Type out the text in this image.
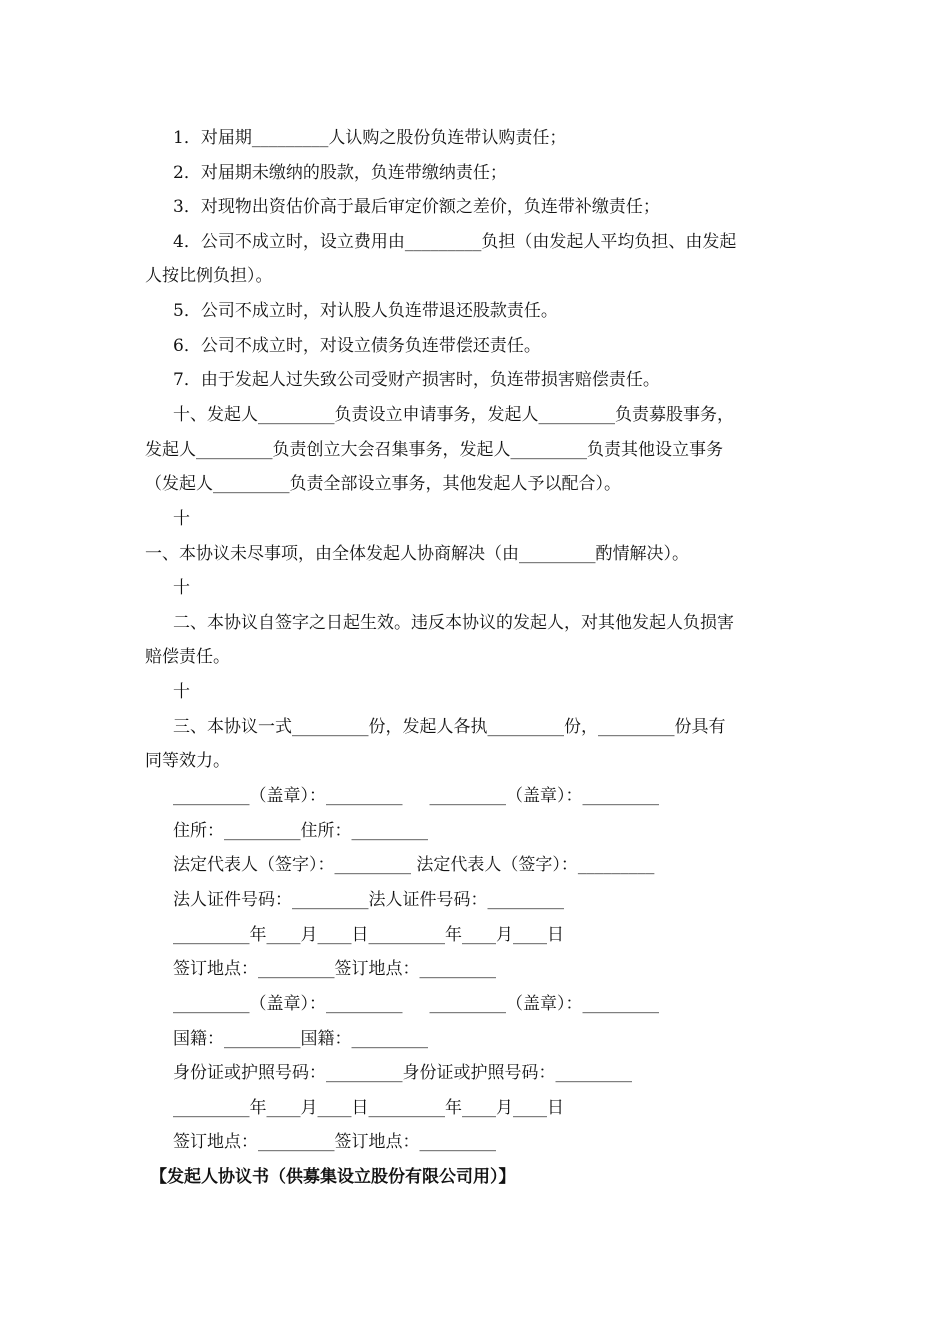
1．对届期_________人认购之股份负连带认购责任；
2．对届期未缴纳的股款，负连带缴纳责任；
3．对现物出资估价高于最后审定价额之差价，负连带补缴责任；
4．公司不成立时，设立费用由_________负担（由发起人平均负担、由发起
人按比例负担）。
5．公司不成立时，对认股人负连带退还股款责任。
6．公司不成立时，对设立债务负连带偿还责任。
7．由于发起人过失致公司受财产损害时，负连带损害赔偿责任。
十、发起人_________负责设立申请事务，发起人_________负责募股事务，
发起人_________负责创立大会召集事务，发起人_________负责其他设立事务
（发起人_________负责全部设立事务，其他发起人予以配合）。
十
一、本协议未尽事项，由全体发起人协商解决（由_________酌情解决）。
十
二、本协议自签字之日起生效。违反本协议的发起人，对其他发起人负损害
赔偿责任。
十
三、本协议一式_________份，发起人各执_________份，_________份具有
同等效力。
_________（盖章）：_________     _________（盖章）：_________
住所：_________住所：_________
法定代表人（签字）：_________ 法定代表人（签字）：_________
法人证件号码：_________法人证件号码：_________
_________年____月____日_________年____月____日
签订地点：_________签订地点：_________
_________（盖章）：_________     _________（盖章）：_________
国籍：_________国籍：_________
身份证或护照号码：_________身份证或护照号码：_________
_________年____月____日_________年____月____日
签订地点：_________签订地点：_________
【发起人协议书（供募集设立股份有限公司用）】
